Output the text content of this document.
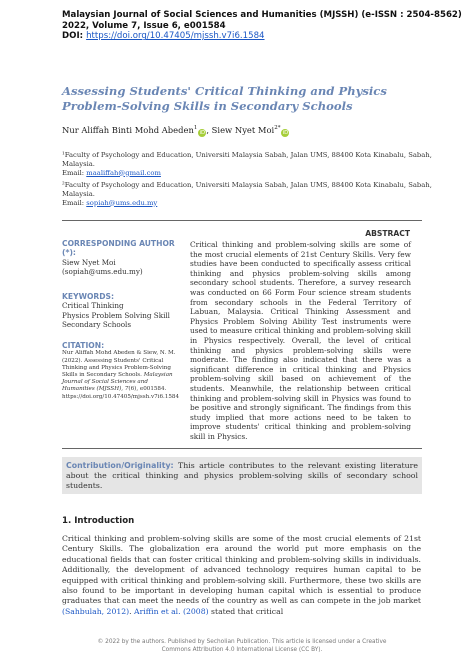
Malaysian Journal of Social Sciences and Humanities (MJSSH) (e-ISSN : 2504-8562)
2022, Volume 7, Issue 6, e001584
DOI: https://doi.org/10.47405/mjssh.v7i6.1584
Assessing Students' Critical Thinking and Physics Problem-Solving Skills in Secondary Schools
Nur Aliffah Binti Mohd Abeden$^1$iD, Siew Nyet Moi$^{2*}$iD
¹Faculty of Psychology and Education, Universiti Malaysia Sabah, Jalan UMS, 88400 Kota Kinabalu, Sabah, Malaysia.
Email: maaliffah@gmail.com
²Faculty of Psychology and Education, Universiti Malaysia Sabah, Jalan UMS, 88400 Kota Kinabalu, Sabah, Malaysia.
Email: sopiah@ums.edu.my
ABSTRACT
CORRESPONDING AUTHOR (*):
Siew Nyet Moi
(sopiah@ums.edu.my)
KEYWORDS:
Critical Thinking
Physics Problem Solving Skill
Secondary Schools
CITATION:
Nur Aliffah Mohd Abeden & Siew, N. M. (2022). Assessing Students' Critical Thinking and Physics Problem-Solving Skills in Secondary Schools. Malaysian Journal of Social Sciences and Humanities (MJSSH), 7(6), e001584. https://doi.org/10.47405/mjssh.v7i6.1584
Critical thinking and problem-solving skills are some of the most crucial elements of 21st Century Skills. Very few studies have been conducted to specifically assess critical thinking and physics problem-solving skills among secondary school students. Therefore, a survey research was conducted on 66 Form Four science stream students from secondary schools in the Federal Territory of Labuan, Malaysia. Critical Thinking Assessment and Physics Problem Solving Ability Test instruments were used to measure critical thinking and problem-solving skill in Physics respectively. Overall, the level of critical thinking and physics problem-solving skills were moderate. The finding also indicated that there was a significant difference in critical thinking and Physics problem-solving skill based on achievement of the students. Meanwhile, the relationship between critical thinking and problem-solving skill in Physics was found to be positive and strongly significant. The findings from this study implied that more actions need to be taken to improve students' critical thinking and problem-solving skill in Physics.
Contribution/Originality: This article contributes to the relevant existing literature about the critical thinking and physics problem-solving skills of secondary school students.
1. Introduction
Critical thinking and problem-solving skills are some of the most crucial elements of 21st Century Skills. The globalization era around the world put more emphasis on the educational fields that can foster critical thinking and problem-solving skills in individuals. Additionally, the development of advanced technology requires human capital to be equipped with critical thinking and problem-solving skill. Furthermore, these two skills are also found to be important in developing human capital which is essential to produce graduates that can meet the needs of the country as well as can compete in the job market (Sahbulah, 2012). Ariffin et al. (2008) stated that critical
© 2022 by the authors. Published by Secholian Publication. This article is licensed under a Creative
Commons Attribution 4.0 International License (CC BY).
